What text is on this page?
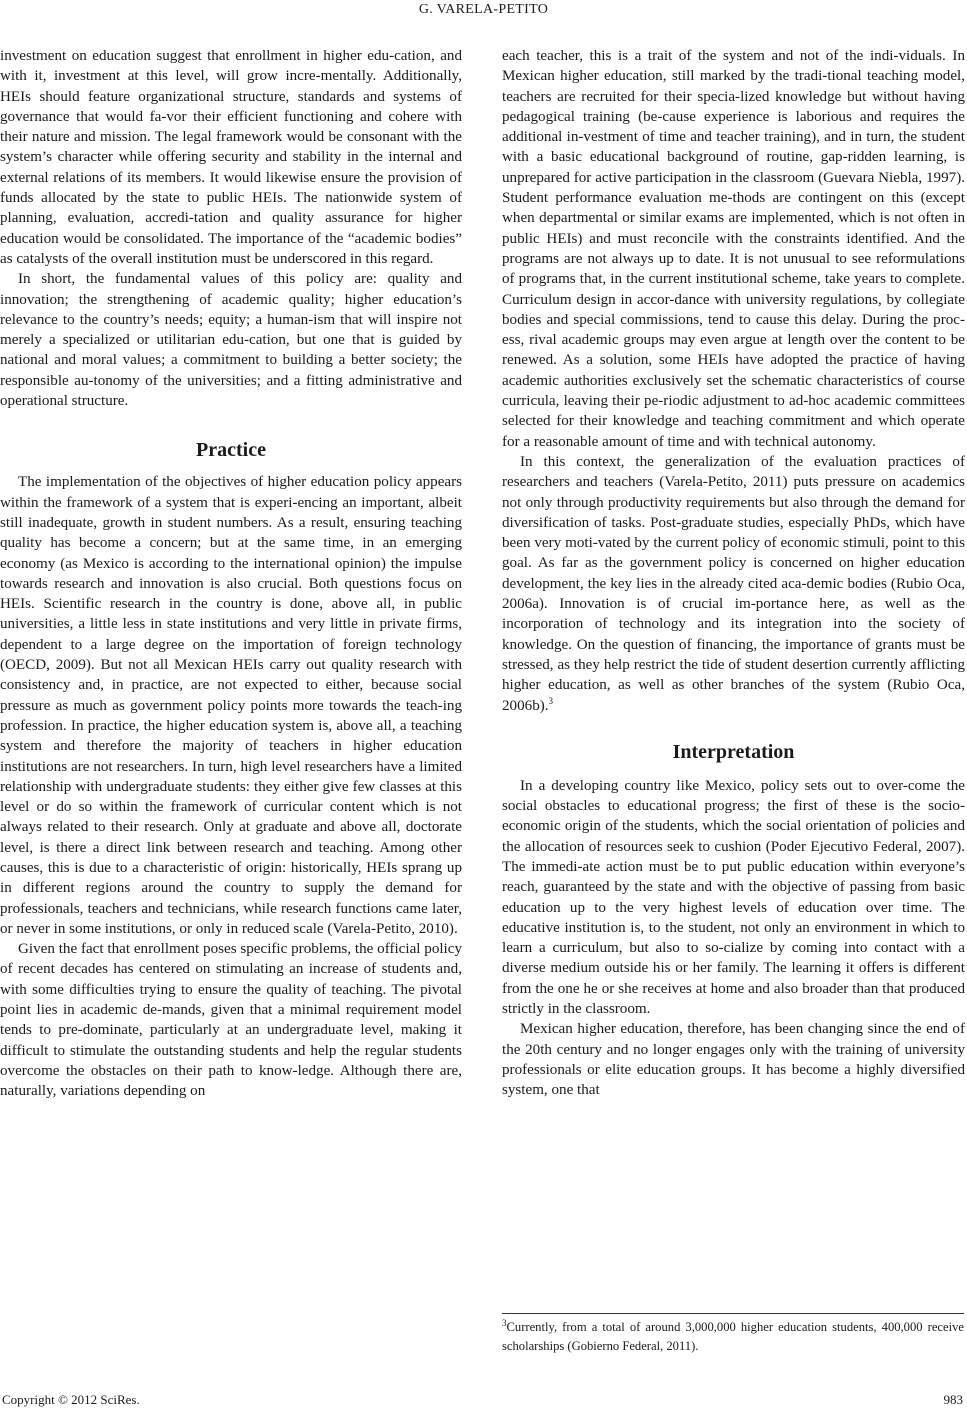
G. VARELA-PETITO

investment on education suggest that enrollment in higher edu-cation, and with it, investment at this level, will grow incre-mentally. Additionally, HEIs should feature organizational structure, standards and systems of governance that would fa-vor their efficient functioning and cohere with their nature and mission. The legal framework would be consonant with the system’s character while offering security and stability in the internal and external relations of its members. It would likewise ensure the provision of funds allocated by the state to public HEIs. The nationwide system of planning, evaluation, accredi-tation and quality assurance for higher education would be consolidated. The importance of the “academic bodies” as catalysts of the overall institution must be underscored in this regard.

In short, the fundamental values of this policy are: quality and innovation; the strengthening of academic quality; higher education’s relevance to the country’s needs; equity; a human-ism that will inspire not merely a specialized or utilitarian edu-cation, but one that is guided by national and moral values; a commitment to building a better society; the responsible au-tonomy of the universities; and a fitting administrative and operational structure.

Practice

The implementation of the objectives of higher education policy appears within the framework of a system that is experi-encing an important, albeit still inadequate, growth in student numbers. As a result, ensuring teaching quality has become a concern; but at the same time, in an emerging economy (as Mexico is according to the international opinion) the impulse towards research and innovation is also crucial. Both questions focus on HEIs. Scientific research in the country is done, above all, in public universities, a little less in state institutions and very little in private firms, dependent to a large degree on the importation of foreign technology (OECD, 2009). But not all Mexican HEIs carry out quality research with consistency and, in practice, are not expected to either, because social pressure as much as government policy points more towards the teach-ing profession. In practice, the higher education system is, above all, a teaching system and therefore the majority of teachers in higher education institutions are not researchers. In turn, high level researchers have a limited relationship with undergraduate students: they either give few classes at this level or do so within the framework of curricular content which is not always related to their research. Only at graduate and above all, doctorate level, is there a direct link between research and teaching. Among other causes, this is due to a characteristic of origin: historically, HEIs sprang up in different regions around the country to supply the demand for professionals, teachers and technicians, while research functions came later, or never in some institutions, or only in reduced scale (Varela-Petito, 2010).

Given the fact that enrollment poses specific problems, the official policy of recent decades has centered on stimulating an increase of students and, with some difficulties trying to ensure the quality of teaching. The pivotal point lies in academic de-mands, given that a minimal requirement model tends to pre-dominate, particularly at an undergraduate level, making it difficult to stimulate the outstanding students and help the regular students overcome the obstacles on their path to know-ledge. Although there are, naturally, variations depending on

each teacher, this is a trait of the system and not of the indi-viduals. In Mexican higher education, still marked by the tradi-tional teaching model, teachers are recruited for their specia-lized knowledge but without having pedagogical training (be-cause experience is laborious and requires the additional in-vestment of time and teacher training), and in turn, the student with a basic educational background of routine, gap-ridden learning, is unprepared for active participation in the classroom (Guevara Niebla, 1997). Student performance evaluation me-thods are contingent on this (except when departmental or similar exams are implemented, which is not often in public HEIs) and must reconcile with the constraints identified. And the programs are not always up to date. It is not unusual to see reformulations of programs that, in the current institutional scheme, take years to complete. Curriculum design in accor-dance with university regulations, by collegiate bodies and special commissions, tend to cause this delay. During the proc-ess, rival academic groups may even argue at length over the content to be renewed. As a solution, some HEIs have adopted the practice of having academic authorities exclusively set the schematic characteristics of course curricula, leaving their pe-riodic adjustment to ad-hoc academic committees selected for their knowledge and teaching commitment and which operate for a reasonable amount of time and with technical autonomy.

In this context, the generalization of the evaluation practices of researchers and teachers (Varela-Petito, 2011) puts pressure on academics not only through productivity requirements but also through the demand for diversification of tasks. Post-graduate studies, especially PhDs, which have been very moti-vated by the current policy of economic stimuli, point to this goal. As far as the government policy is concerned on higher education development, the key lies in the already cited aca-demic bodies (Rubio Oca, 2006a). Innovation is of crucial im-portance here, as well as the incorporation of technology and its integration into the society of knowledge. On the question of financing, the importance of grants must be stressed, as they help restrict the tide of student desertion currently afflicting higher education, as well as other branches of the system (Rubio Oca, 2006b).$^3$

Interpretation

In a developing country like Mexico, policy sets out to over-come the social obstacles to educational progress; the first of these is the socio-economic origin of the students, which the social orientation of policies and the allocation of resources seek to cushion (Poder Ejecutivo Federal, 2007). The immedi-ate action must be to put public education within everyone’s reach, guaranteed by the state and with the objective of passing from basic education up to the very highest levels of education over time. The educative institution is, to the student, not only an environment in which to learn a curriculum, but also to so-cialize by coming into contact with a diverse medium outside his or her family. The learning it offers is different from the one he or she receives at home and also broader than that produced strictly in the classroom.

Mexican higher education, therefore, has been changing since the end of the 20th century and no longer engages only with the training of university professionals or elite education groups. It has become a highly diversified system, one that

$^3$Currently, from a total of around 3,000,000 higher education students, 400,000 receive scholarships (Gobierno Federal, 2011).
Copyright © 2012 SciRes.	983
